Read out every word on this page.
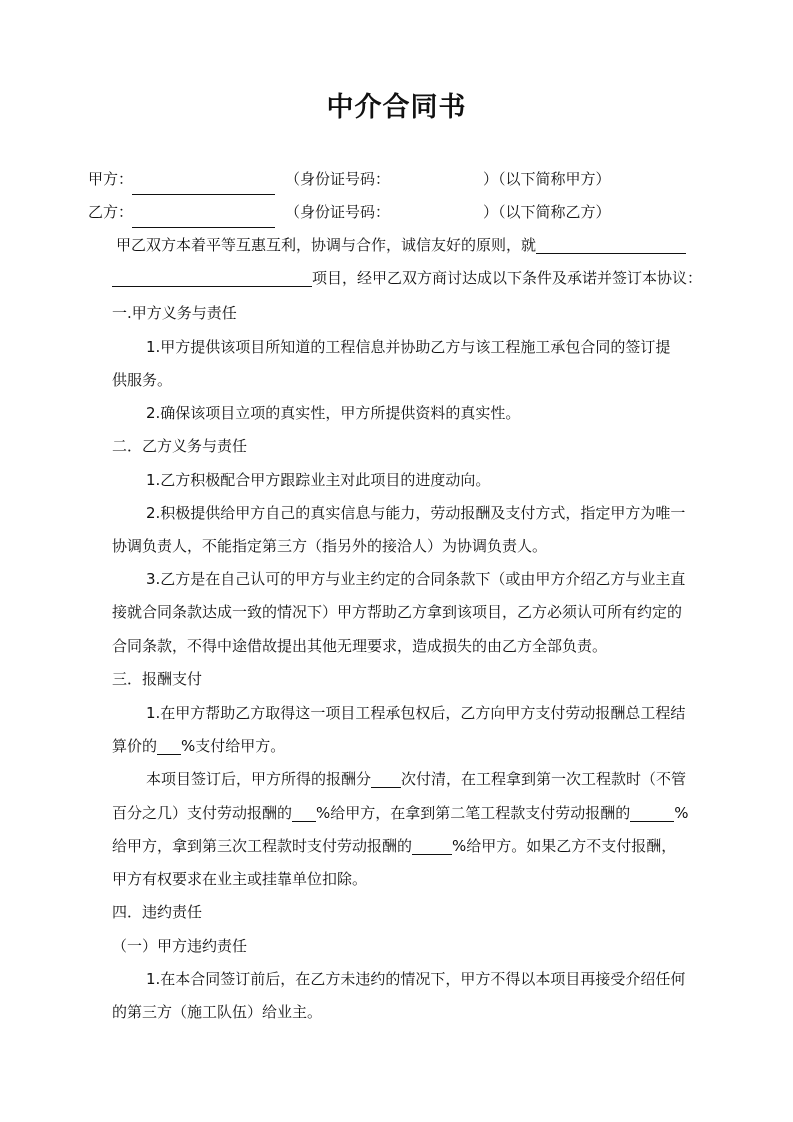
中介合同书
甲方：	（身份证号码：	）（以下简称甲方）
乙方：	（身份证号码：	）（以下简称乙方）
甲乙双方本着平等互惠互利，协调与合作，诚信友好的原则，就
项目，经甲乙双方商讨达成以下条件及承诺并签订本协议：
一.甲方义务与责任
1.甲方提供该项目所知道的工程信息并协助乙方与该工程施工承包合同的签订提
供服务。
2.确保该项目立项的真实性，甲方所提供资料的真实性。
二．乙方义务与责任
1.乙方积极配合甲方跟踪业主对此项目的进度动向。
2.积极提供给甲方自己的真实信息与能力，劳动报酬及支付方式，指定甲方为唯一
协调负责人，不能指定第三方（指另外的接洽人）为协调负责人。
3.乙方是在自己认可的甲方与业主约定的合同条款下（或由甲方介绍乙方与业主直
接就合同条款达成一致的情况下）甲方帮助乙方拿到该项目，乙方必须认可所有约定的
合同条款，不得中途借故提出其他无理要求，造成损失的由乙方全部负责。
三．报酬支付
1.在甲方帮助乙方取得这一项目工程承包权后，乙方向甲方支付劳动报酬总工程结
算价的 %支付给甲方。
本项目签订后，甲方所得的报酬分 次付清，在工程拿到第一次工程款时（不管
百分之几）支付劳动报酬的 %给甲方，在拿到第二笔工程款支付劳动报酬的	%
给甲方，拿到第三次工程款时支付劳动报酬的	%给甲方。如果乙方不支付报酬，
甲方有权要求在业主或挂靠单位扣除。
四．违约责任
（一）甲方违约责任
1.在本合同签订前后，在乙方未违约的情况下，甲方不得以本项目再接受介绍任何
的第三方（施工队伍）给业主。
